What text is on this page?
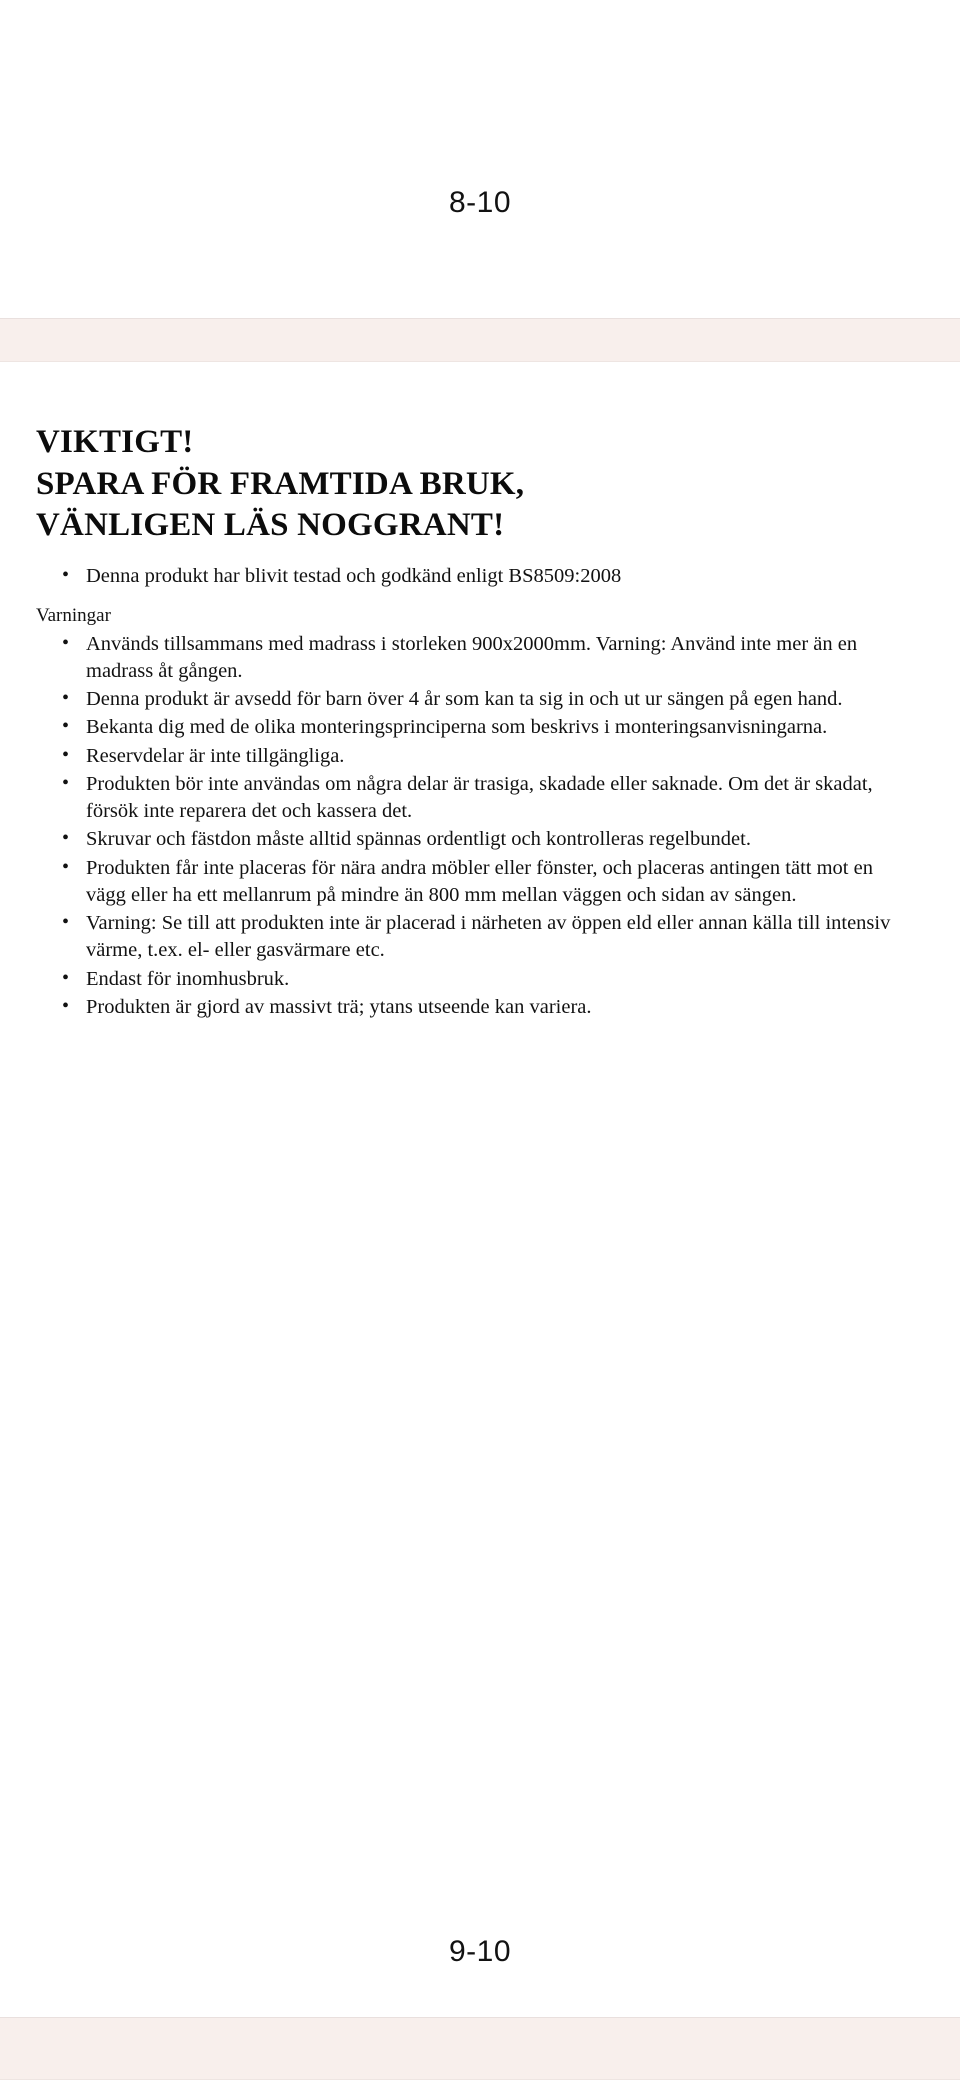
8-10
VIKTIGT!
SPARA FÖR FRAMTIDA BRUK,
VÄNLIGEN LÄS NOGGRANT!
• Denna produkt har blivit testad och godkänd enligt BS8509:2008
Varningar
• Används tillsammans med madrass i storleken 900x2000mm. Varning: Använd inte mer än en madrass åt gången.
• Denna produkt är avsedd för barn över 4 år som kan ta sig in och ut ur sängen på egen hand.
• Bekanta dig med de olika monteringsprinciperna som beskrivs i monteringsanvisningarna.
• Reservdelar är inte tillgängliga.
• Produkten bör inte användas om några delar är trasiga, skadade eller saknade. Om det är skadat, försök inte reparera det och kassera det.
• Skruvar och fästdon måste alltid spännas ordentligt och kontrolleras regelbundet.
• Produkten får inte placeras för nära andra möbler eller fönster, och placeras antingen tätt mot en vägg eller ha ett mellanrum på mindre än 800 mm mellan väggen och sidan av sängen.
• Varning: Se till att produkten inte är placerad i närheten av öppen eld eller annan källa till intensiv värme, t.ex. el- eller gasvärmare etc.
• Endast för inomhusbruk.
• Produkten är gjord av massivt trä; ytans utseende kan variera.
9-10
